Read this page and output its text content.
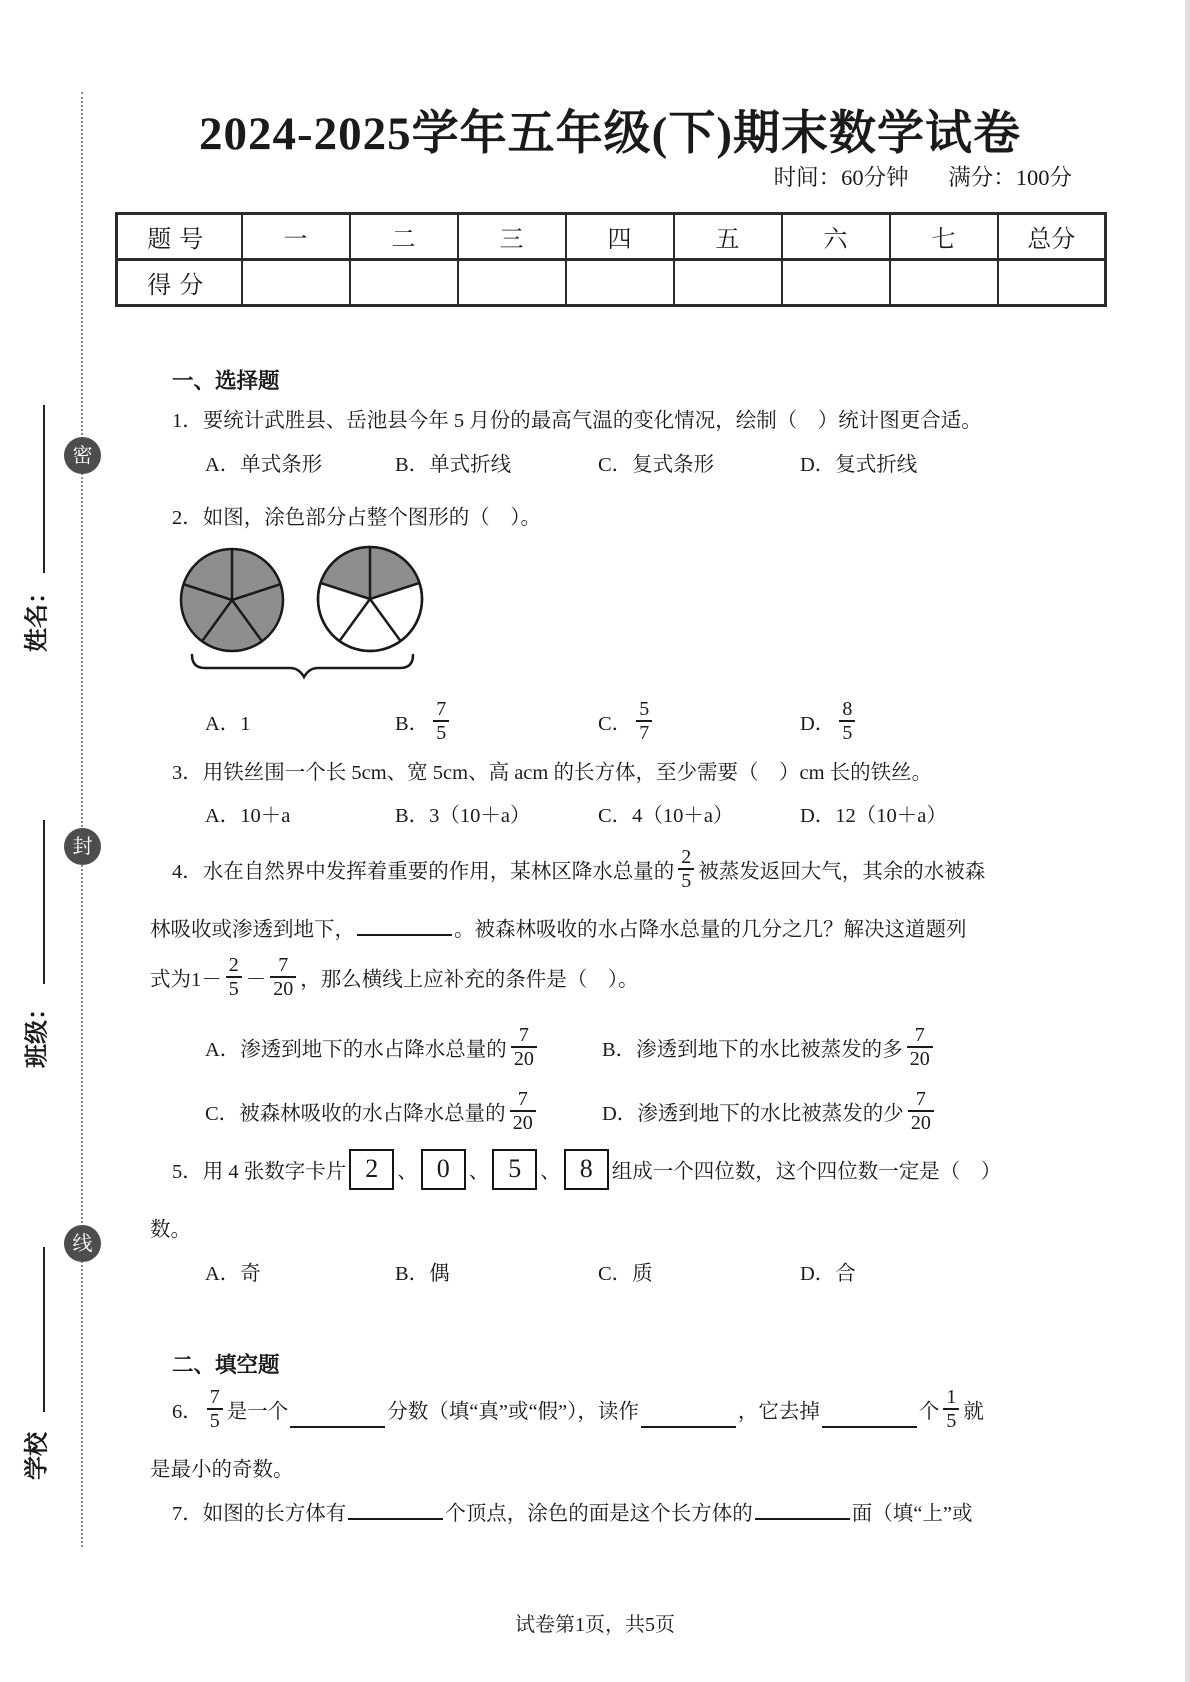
密
封
线
姓名：
班级：
学校
2024-2025学年五年级(下)期末数学试卷
时间：60分钟 满分：100分
题号	一	二	三	四	五	六	七	总分
得分								
一、选择题
1．要统计武胜县、岳池县今年 5 月份的最高气温的变化情况，绘制（　）统计图更合适。
A．单式条形	B．单式折线	C．复式条形	D．复式折线
2．如图，涂色部分占整个图形的（　）。
A．1	B． $\frac{7}{5}$	C． $\frac{5}{7}$	D． $\frac{8}{5}$
3．用铁丝围一个长 5cm、宽 5cm、高 acm 的长方体，至少需要（　）cm 长的铁丝。
A．10＋a	B．3（10＋a）	C．4（10＋a）	D．12（10＋a）
4．水在自然界中发挥着重要的作用，某林区降水总量的 $\frac{2}{5}$ 被蒸发返回大气，其余的水被森
林吸收或渗透到地下，	。被森林吸收的水占降水总量的几分之几？解决这道题列
式为$1- \frac{2}{5} - \frac{7}{20}$ ，那么横线上应补充的条件是（　）。
A．渗透到地下的水占降水总量的 $\frac{7}{20}$	B．渗透到地下的水比被蒸发的多 $\frac{7}{20}$
C．被森林吸收的水占降水总量的 $\frac{7}{20}$	D．渗透到地下的水比被蒸发的少 $\frac{7}{20}$
5．用 4 张数字卡片 2 、 0 、 5 、 8 组成一个四位数，这个四位数一定是（　）
数。
A．奇	B．偶	C．质	D．合
二、填空题
6． $\frac{7}{5}$ 是一个	分数（填“真”或“假”），读作	，它去掉	个 $\frac{1}{5}$ 就
是最小的奇数。
7．如图的长方体有	个顶点，涂色的面是这个长方体的	面（填“上”或
试卷第1页，共5页
